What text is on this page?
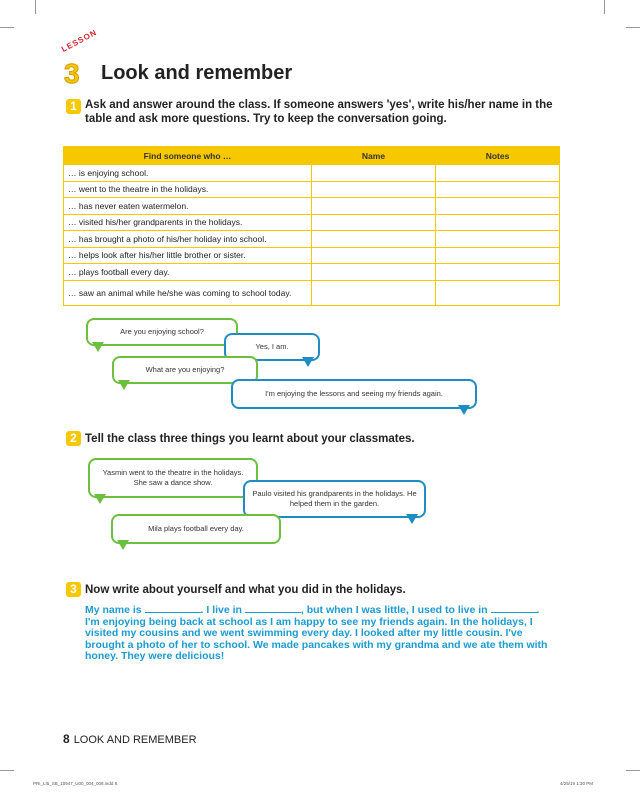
LESSON
3 Look and remember
1 Ask and answer around the class. If someone answers 'yes', write his/her name in the table and ask more questions. Try to keep the conversation going.

Find someone who …	Name	Notes
… is enjoying school.		
… went to the theatre in the holidays.		
… has never eaten watermelon.		
… visited his/her grandparents in the holidays.		
… has brought a photo of his/her holiday into school.		
… helps look after his/her little brother or sister.		
… plays football every day.		
… saw an animal while he/she was coming to school today.		
Are you enjoying school?
Yes, I am.
What are you enjoying?
I'm enjoying the lessons and seeing my friends again.
2 Tell the class three things you learnt about your classmates.

Yasmin went to the theatre in the holidays. She saw a dance show.
Paulo visited his grandparents in the holidays. He helped them in the garden.
Mila plays football every day.
3 Now write about yourself and what you did in the holidays.

My name is	. I live in	, but when I was little, I used to live in	. I'm enjoying being back at school as I am happy to see my friends again. In the holidays, I visited my cousins and we went swimming every day. I looked after my little cousin. I've brought a photo of her to school. We made pancakes with my grandma and we ate them with honey. They were delicious!

8 LOOK AND REMEMBER
PRI_LI5_SB_10947_U00_004_008.indd 8	4/25/19 1:30 PM
